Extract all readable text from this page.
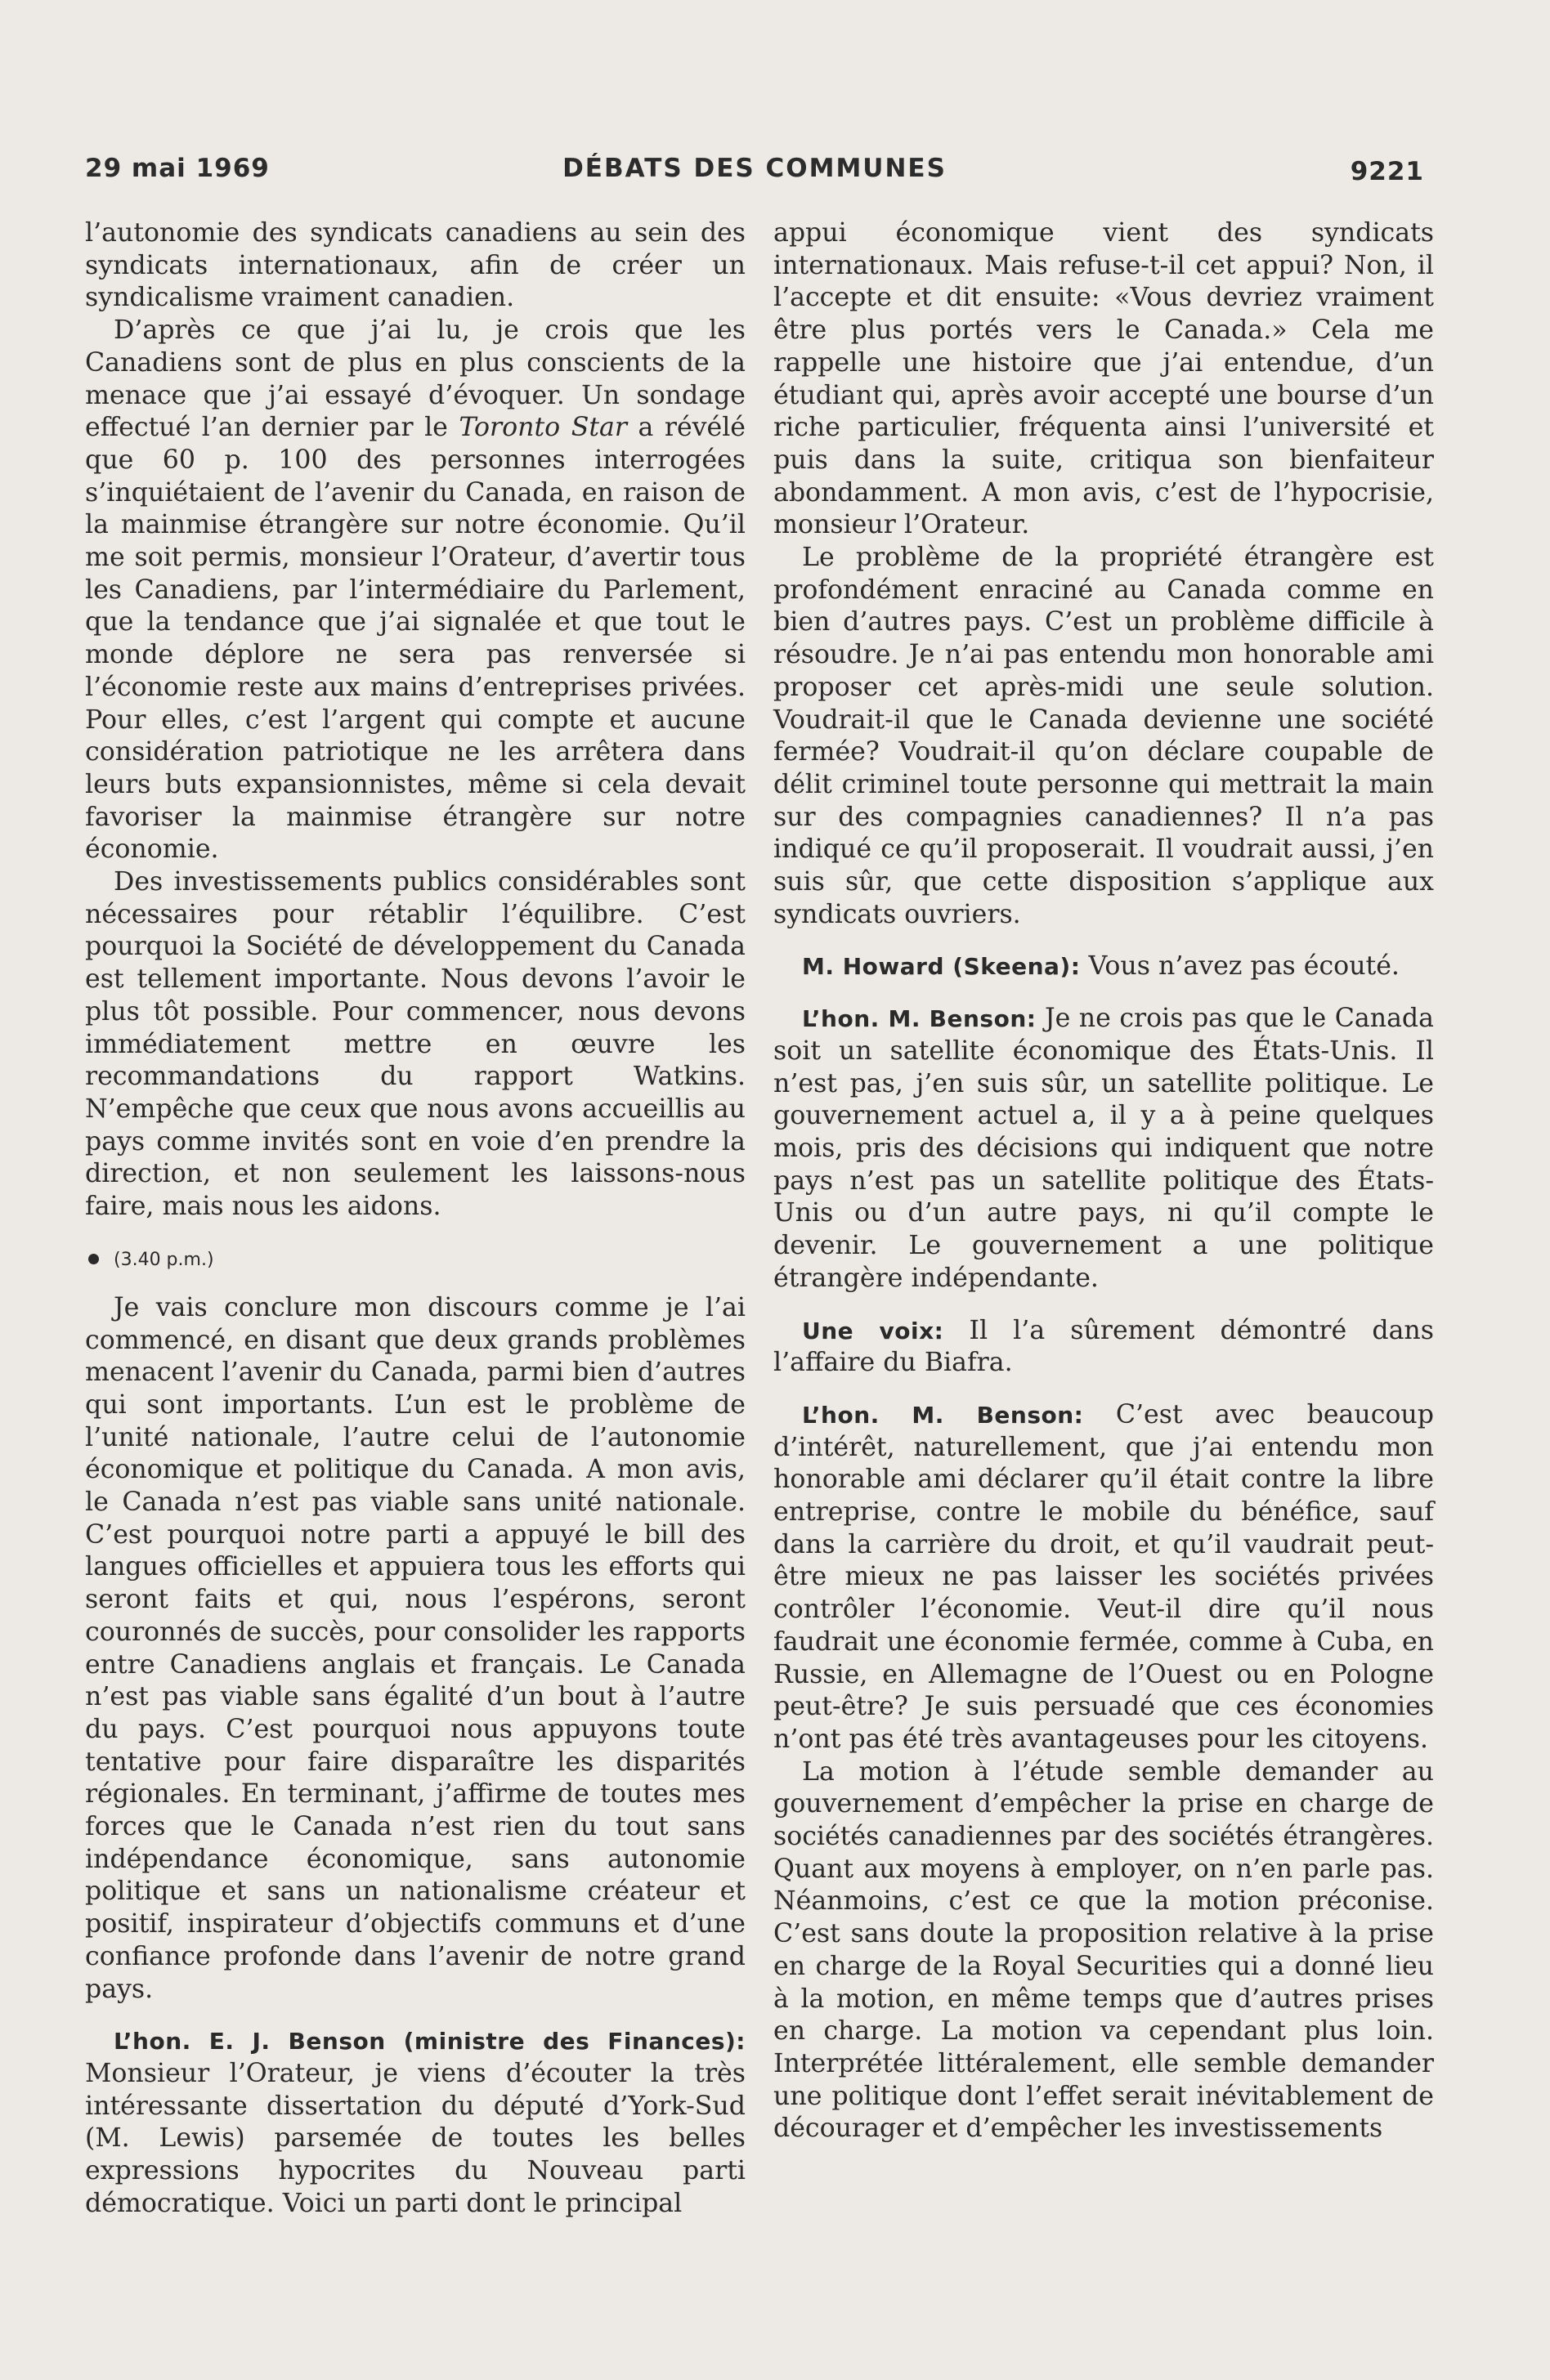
29 mai 1969	DÉBATS DES COMMUNES	9221

l’autonomie des syndicats canadiens au sein des syndicats internationaux, afin de créer un syndicalisme vraiment canadien.

D’après ce que j’ai lu, je crois que les Canadiens sont de plus en plus conscients de la menace que j’ai essayé d’évoquer. Un sondage effectué l’an dernier par le Toronto Star a révélé que 60 p. 100 des personnes interrogées s’inquiétaient de l’avenir du Canada, en raison de la mainmise étrangère sur notre économie. Qu’il me soit permis, monsieur l’Orateur, d’avertir tous les Canadiens, par l’intermédiaire du Parlement, que la tendance que j’ai signalée et que tout le monde déplore ne sera pas renversée si l’économie reste aux mains d’entreprises privées. Pour elles, c’est l’argent qui compte et aucune considération patriotique ne les arrêtera dans leurs buts expansionnistes, même si cela devait favoriser la mainmise étrangère sur notre économie.

Des investissements publics considérables sont nécessaires pour rétablir l’équilibre. C’est pourquoi la Société de développement du Canada est tellement importante. Nous devons l’avoir le plus tôt possible. Pour commencer, nous devons immédiatement mettre en œuvre les recommandations du rapport Watkins. N’empêche que ceux que nous avons accueillis au pays comme invités sont en voie d’en prendre la direction, et non seulement les laissons-nous faire, mais nous les aidons.

(3.40 p.m.)

Je vais conclure mon discours comme je l’ai commencé, en disant que deux grands problèmes menacent l’avenir du Canada, parmi bien d’autres qui sont importants. L’un est le problème de l’unité nationale, l’autre celui de l’autonomie économique et politique du Canada. A mon avis, le Canada n’est pas viable sans unité nationale. C’est pourquoi notre parti a appuyé le bill des langues officielles et appuiera tous les efforts qui seront faits et qui, nous l’espérons, seront couronnés de succès, pour consolider les rapports entre Canadiens anglais et français. Le Canada n’est pas viable sans égalité d’un bout à l’autre du pays. C’est pourquoi nous appuyons toute tentative pour faire disparaître les disparités régionales. En terminant, j’affirme de toutes mes forces que le Canada n’est rien du tout sans indépendance économique, sans autonomie politique et sans un nationalisme créateur et positif, inspirateur d’objectifs communs et d’une confiance profonde dans l’avenir de notre grand pays.

L’hon. E. J. Benson (ministre des Finances): Monsieur l’Orateur, je viens d’écouter la très intéressante dissertation du député d’York-Sud (M. Lewis) parsemée de toutes les belles expressions hypocrites du Nouveau parti démocratique. Voici un parti dont le principal

appui économique vient des syndicats internationaux. Mais refuse-t-il cet appui? Non, il l’accepte et dit ensuite: «Vous devriez vraiment être plus portés vers le Canada.» Cela me rappelle une histoire que j’ai entendue, d’un étudiant qui, après avoir accepté une bourse d’un riche particulier, fréquenta ainsi l’université et puis dans la suite, critiqua son bienfaiteur abondamment. A mon avis, c’est de l’hypocrisie, monsieur l’Orateur.

Le problème de la propriété étrangère est profondément enraciné au Canada comme en bien d’autres pays. C’est un problème difficile à résoudre. Je n’ai pas entendu mon honorable ami proposer cet après-midi une seule solution. Voudrait-il que le Canada devienne une société fermée? Voudrait-il qu’on déclare coupable de délit criminel toute personne qui mettrait la main sur des compagnies canadiennes? Il n’a pas indiqué ce qu’il proposerait. Il voudrait aussi, j’en suis sûr, que cette disposition s’applique aux syndicats ouvriers.

M. Howard (Skeena): Vous n’avez pas écouté.

L’hon. M. Benson: Je ne crois pas que le Canada soit un satellite économique des États-Unis. Il n’est pas, j’en suis sûr, un satellite politique. Le gouvernement actuel a, il y a à peine quelques mois, pris des décisions qui indiquent que notre pays n’est pas un satellite politique des États-Unis ou d’un autre pays, ni qu’il compte le devenir. Le gouvernement a une politique étrangère indépendante.

Une voix: Il l’a sûrement démontré dans l’affaire du Biafra.

L’hon. M. Benson: C’est avec beaucoup d’intérêt, naturellement, que j’ai entendu mon honorable ami déclarer qu’il était contre la libre entreprise, contre le mobile du bénéfice, sauf dans la carrière du droit, et qu’il vaudrait peut-être mieux ne pas laisser les sociétés privées contrôler l’économie. Veut-il dire qu’il nous faudrait une économie fermée, comme à Cuba, en Russie, en Allemagne de l’Ouest ou en Pologne peut-être? Je suis persuadé que ces économies n’ont pas été très avantageuses pour les citoyens.

La motion à l’étude semble demander au gouvernement d’empêcher la prise en charge de sociétés canadiennes par des sociétés étrangères. Quant aux moyens à employer, on n’en parle pas. Néanmoins, c’est ce que la motion préconise. C’est sans doute la proposition relative à la prise en charge de la Royal Securities qui a donné lieu à la motion, en même temps que d’autres prises en charge. La motion va cependant plus loin. Interprétée littéralement, elle semble demander une politique dont l’effet serait inévitablement de décourager et d’empêcher les investissements
